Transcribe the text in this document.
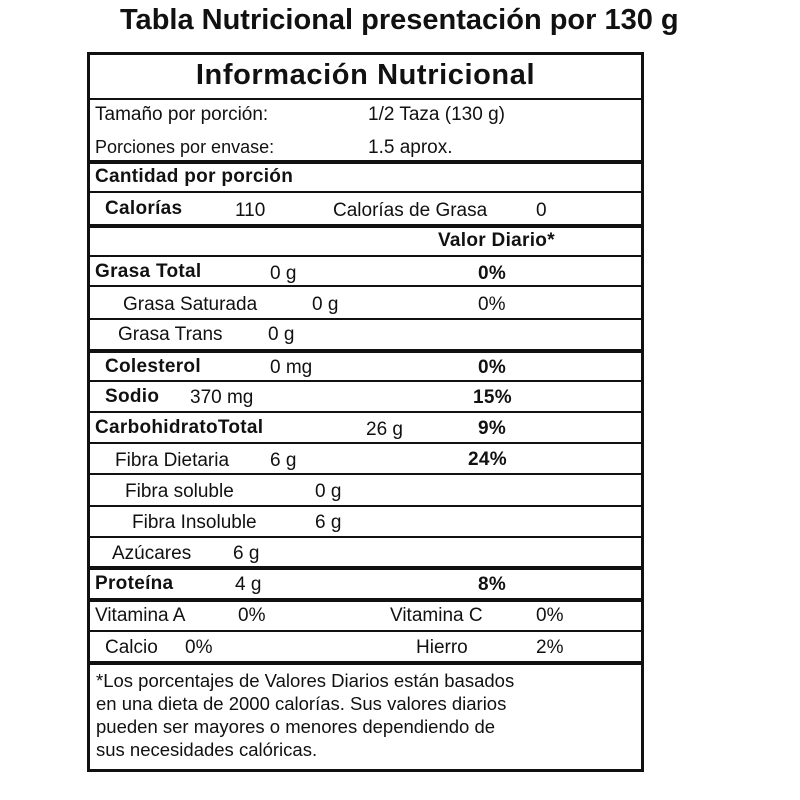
Tabla Nutricional presentación por 130 g
Información Nutricional
Tamaño por porción:	1/2 Taza (130 g)
Porciones por envase:	1.5 aprox.
Cantidad por porción
Calorías	110	Calorías de Grasa	0
Valor Diario*
Grasa Total	0 g	0%
Grasa Saturada	0 g	0%
Grasa Trans 0 g
Colesterol	0 mg	0%
Sodio 370 mg	15%
CarbohidratoTotal	26 g	9%
Fibra Dietaria 6 g	24%
Fibra soluble	0 g
Fibra Insoluble	6 g
Azúcares 6 g
Proteína	4 g	8%
Vitamina A	0%	Vitamina C	0%
Calcio 0%	Hierro	2%
*Los porcentajes de Valores Diarios están basados
en una dieta de 2000 calorías. Sus valores diarios
pueden ser mayores o menores dependiendo de
sus necesidades calóricas.
